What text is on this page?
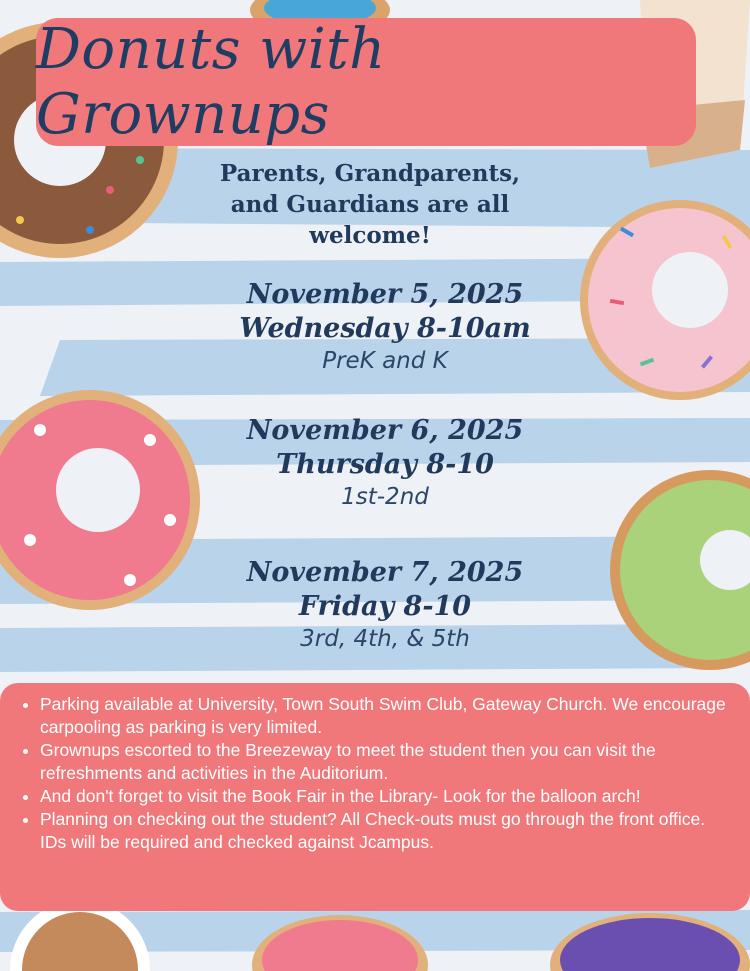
Donuts with Grownups
Parents, Grandparents,
and Guardians are all
welcome!
November 5, 2025
Wednesday 8-10am
PreK and K
November 6, 2025
Thursday 8-10
1st-2nd
November 7, 2025
Friday 8-10
3rd, 4th, & 5th
• Parking available at University, Town South Swim Club, Gateway Church. We encourage carpooling as parking is very limited.
• Grownups escorted to the Breezeway to meet the student then you can visit the refreshments and activities in the Auditorium.
• And don't forget to visit the Book Fair in the Library- Look for the balloon arch!
• Planning on checking out the student? All Check-outs must go through the front office. IDs will be required and checked against Jcampus.
